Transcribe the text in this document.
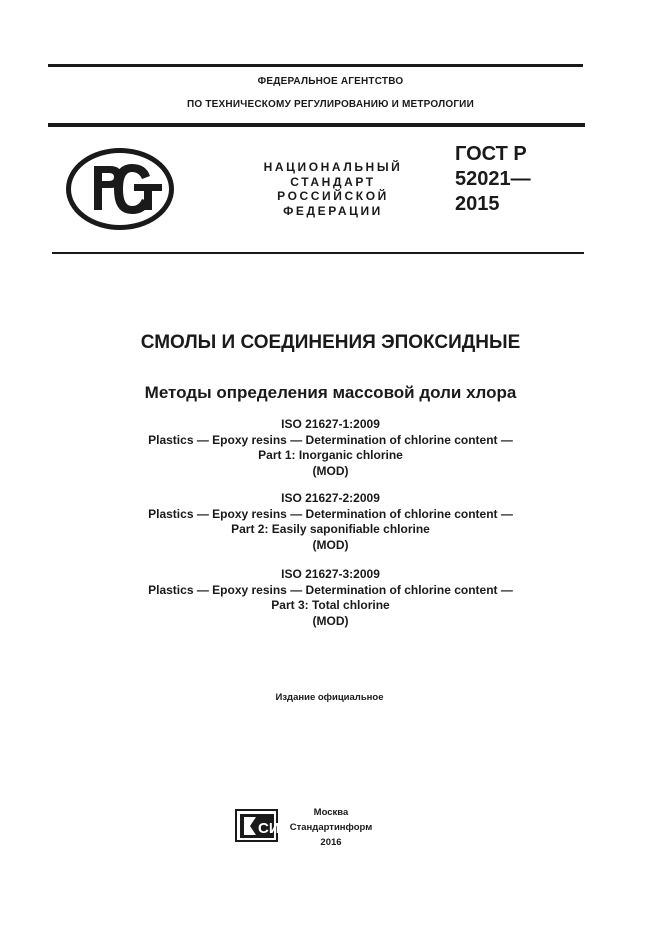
ФЕДЕРАЛЬНОЕ АГЕНТСТВО
ПО ТЕХНИЧЕСКОМУ РЕГУЛИРОВАНИЮ И МЕТРОЛОГИИ
НАЦИОНАЛЬНЫЙ
СТАНДАРТ
РОССИЙСКОЙ
ФЕДЕРАЦИИ
ГОСТ Р
52021—
2015
СМОЛЫ И СОЕДИНЕНИЯ ЭПОКСИДНЫЕ
Методы определения массовой доли хлора
ISO 21627-1:2009
Plastics — Epoxy resins — Determination of chlorine content —
Part 1: Inorganic chlorine
(MOD)
ISO 21627-2:2009
Plastics — Epoxy resins — Determination of chlorine content —
Part 2: Easily saponifiable chlorine
(MOD)
ISO 21627-3:2009
Plastics — Epoxy resins — Determination of chlorine content —
Part 3: Total chlorine
(MOD)
Издание официальное
СИ
Москва
Стандартинформ
2016
